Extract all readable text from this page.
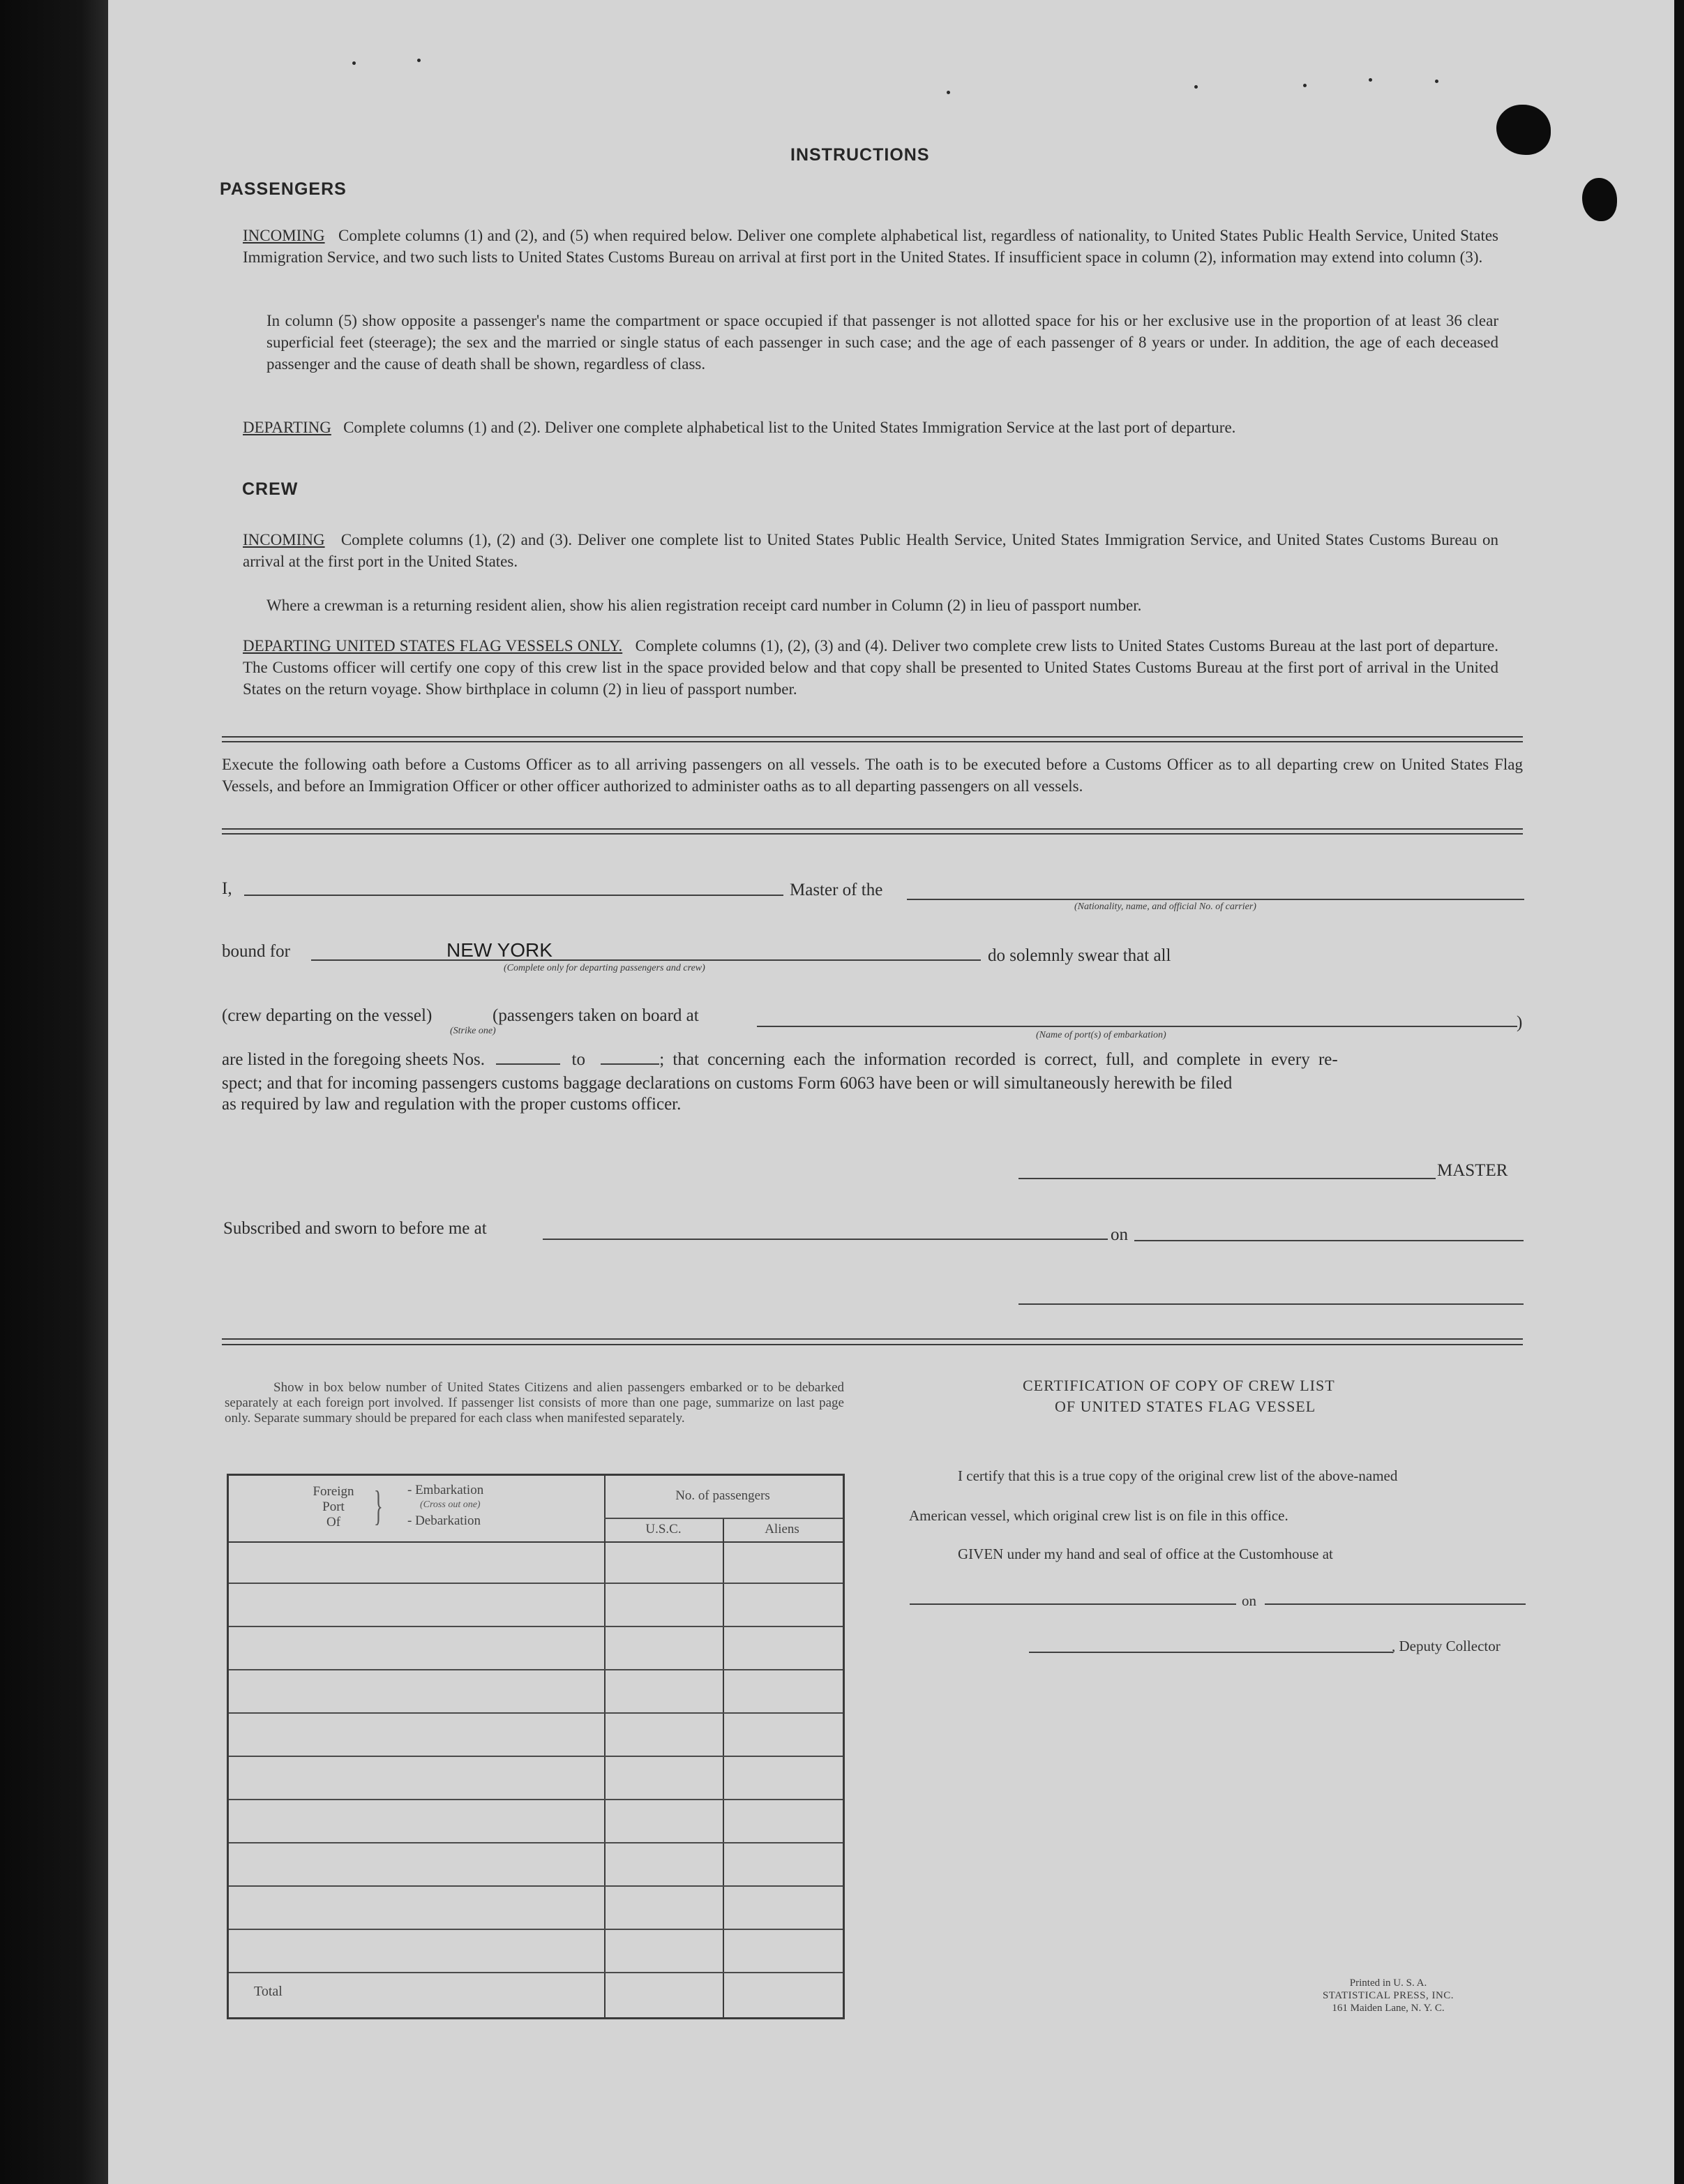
INSTRUCTIONS
PASSENGERS
INCOMING Complete columns (1) and (2), and (5) when required below. Deliver one complete alphabetical list, regardless of nationality, to United States Public Health Service, United States Immigration Service, and two such lists to United States Customs Bureau on arrival at first port in the United States. If insufficient space in column (2), information may extend into column (3).
In column (5) show opposite a passenger's name the compartment or space occupied if that passenger is not allotted space for his or her exclusive use in the proportion of at least 36 clear superficial feet (steerage); the sex and the married or single status of each passenger in such case; and the age of each passenger of 8 years or under. In addition, the age of each deceased passenger and the cause of death shall be shown, regardless of class.
DEPARTING Complete columns (1) and (2). Deliver one complete alphabetical list to the United States Immigration Service at the last port of departure.
CREW
INCOMING Complete columns (1), (2) and (3). Deliver one complete list to United States Public Health Service, United States Immigration Service, and United States Customs Bureau on arrival at the first port in the United States.
Where a crewman is a returning resident alien, show his alien registration receipt card number in Column (2) in lieu of passport number.
DEPARTING UNITED STATES FLAG VESSELS ONLY. Complete columns (1), (2), (3) and (4). Deliver two complete crew lists to United States Customs Bureau at the last port of departure. The Customs officer will certify one copy of this crew list in the space provided below and that copy shall be presented to United States Customs Bureau at the first port of arrival in the United States on the return voyage. Show birthplace in column (2) in lieu of passport number.
Execute the following oath before a Customs Officer as to all arriving passengers on all vessels. The oath is to be executed before a Customs Officer as to all departing crew on United States Flag Vessels, and before an Immigration Officer or other officer authorized to administer oaths as to all departing passengers on all vessels.
I,	Master of the
(Nationality, name, and official No. of carrier)
bound for	NEW YORK
(Complete only for departing passengers and crew)
do solemnly swear that all
(crew departing on the vessel)
(Strike one)
(passengers taken on board at	)
(Name of port(s) of embarkation)
are listed in the foregoing sheets Nos.	to	; that concerning each the information recorded is correct, full, and complete in every re-
spect; and that for incoming passengers customs baggage declarations on customs Form 6063 have been or will simultaneously herewith be filed
as required by law and regulation with the proper customs officer.
MASTER
Subscribed and sworn to before me at	on
Show in box below number of United States Citizens and alien passengers embarked or to be debarked separately at each foreign port involved. If passenger list consists of more than one page, summarize on last page only. Separate summary should be prepared for each class when manifested separately.
Foreign
Port
Of } - Embarkation
(Cross out one)
- Debarkation
No. of passengers
U.S.C.	Aliens
Total
CERTIFICATION OF COPY OF CREW LIST
OF UNITED STATES FLAG VESSEL
I certify that this is a true copy of the original crew list of the above-named
American vessel, which original crew list is on file in this office.
GIVEN under my hand and seal of office at the Customhouse at
on
, Deputy Collector
Printed in U. S. A.
STATISTICAL PRESS, INC.
161 Maiden Lane, N. Y. C.
